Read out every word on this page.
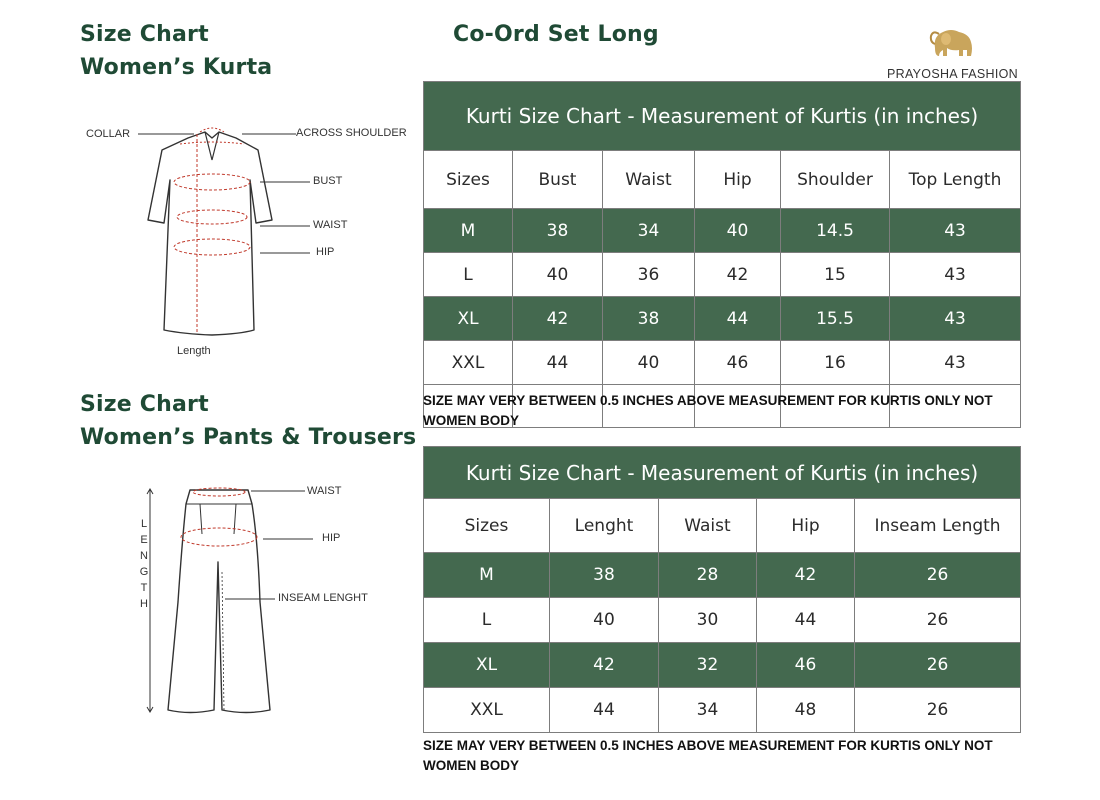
Size Chart
Women’s Kurta
Co-Ord Set Long
Size Chart
Women’s Pants & Trousers
PRAYOSHA FASHION
COLLAR	ACROSS SHOULDER
BUST
WAIST
HIP
Length
L
E
N
G
T
H
WAIST
HIP
INSEAM LENGHT
Kurti Size Chart - Measurement of Kurtis (in inches)					
Sizes	Bust	Waist	Hip	Shoulder	Top Length
M	38	34	40	14.5	43
L	40	36	42	15	43
XL	42	38	44	15.5	43
XXL	44	40	46	16	43

SIZE MAY VERY BETWEEN 0.5 INCHES ABOVE MEASUREMENT FOR KURTIS ONLY NOT WOMEN BODY
Kurti Size Chart - Measurement of Kurtis (in inches)				
Sizes	Lenght	Waist	Hip	Inseam Length
M	38	28	42	26
L	40	30	44	26
XL	42	32	46	26
XXL	44	34	48	26
SIZE MAY VERY BETWEEN 0.5 INCHES ABOVE MEASUREMENT FOR KURTIS ONLY NOT WOMEN BODY
